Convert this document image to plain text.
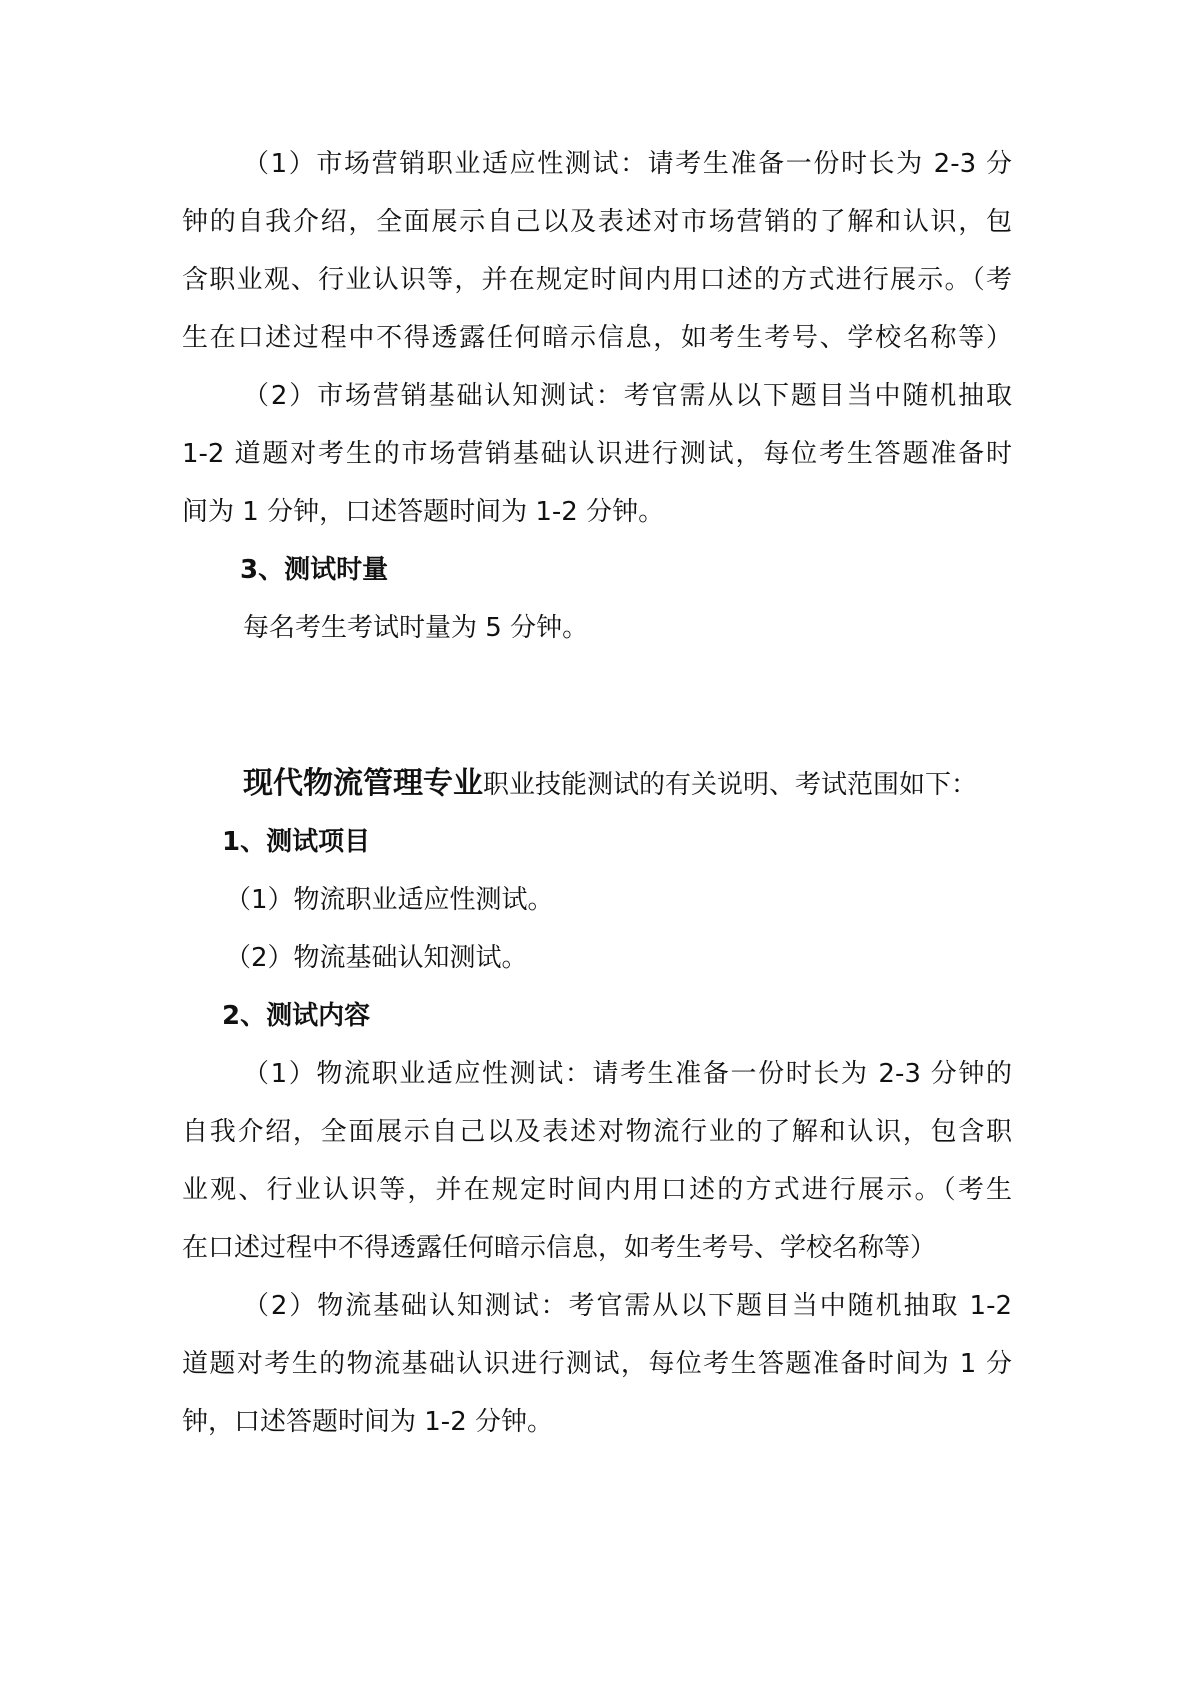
（1）市场营销职业适应性测试：请考生准备一份时长为 2-3 分
钟的自我介绍，全面展示自己以及表述对市场营销的了解和认识，包
含职业观、行业认识等，并在规定时间内用口述的方式进行展示。（考
生在口述过程中不得透露任何暗示信息，如考生考号、学校名称等）
（2）市场营销基础认知测试：考官需从以下题目当中随机抽取
1-2 道题对考生的市场营销基础认识进行测试，每位考生答题准备时
间为 1 分钟，口述答题时间为 1-2 分钟。
3、测试时量
每名考生考试时量为 5 分钟。
现代物流管理专业职业技能测试的有关说明、考试范围如下：
1、测试项目
（1）物流职业适应性测试。
（2）物流基础认知测试。
2、测试内容
（1）物流职业适应性测试：请考生准备一份时长为 2-3 分钟的
自我介绍，全面展示自己以及表述对物流行业的了解和认识，包含职
业观、行业认识等，并在规定时间内用口述的方式进行展示。（考生
在口述过程中不得透露任何暗示信息，如考生考号、学校名称等）
（2）物流基础认知测试：考官需从以下题目当中随机抽取 1-2
道题对考生的物流基础认识进行测试，每位考生答题准备时间为 1 分
钟，口述答题时间为 1-2 分钟。
